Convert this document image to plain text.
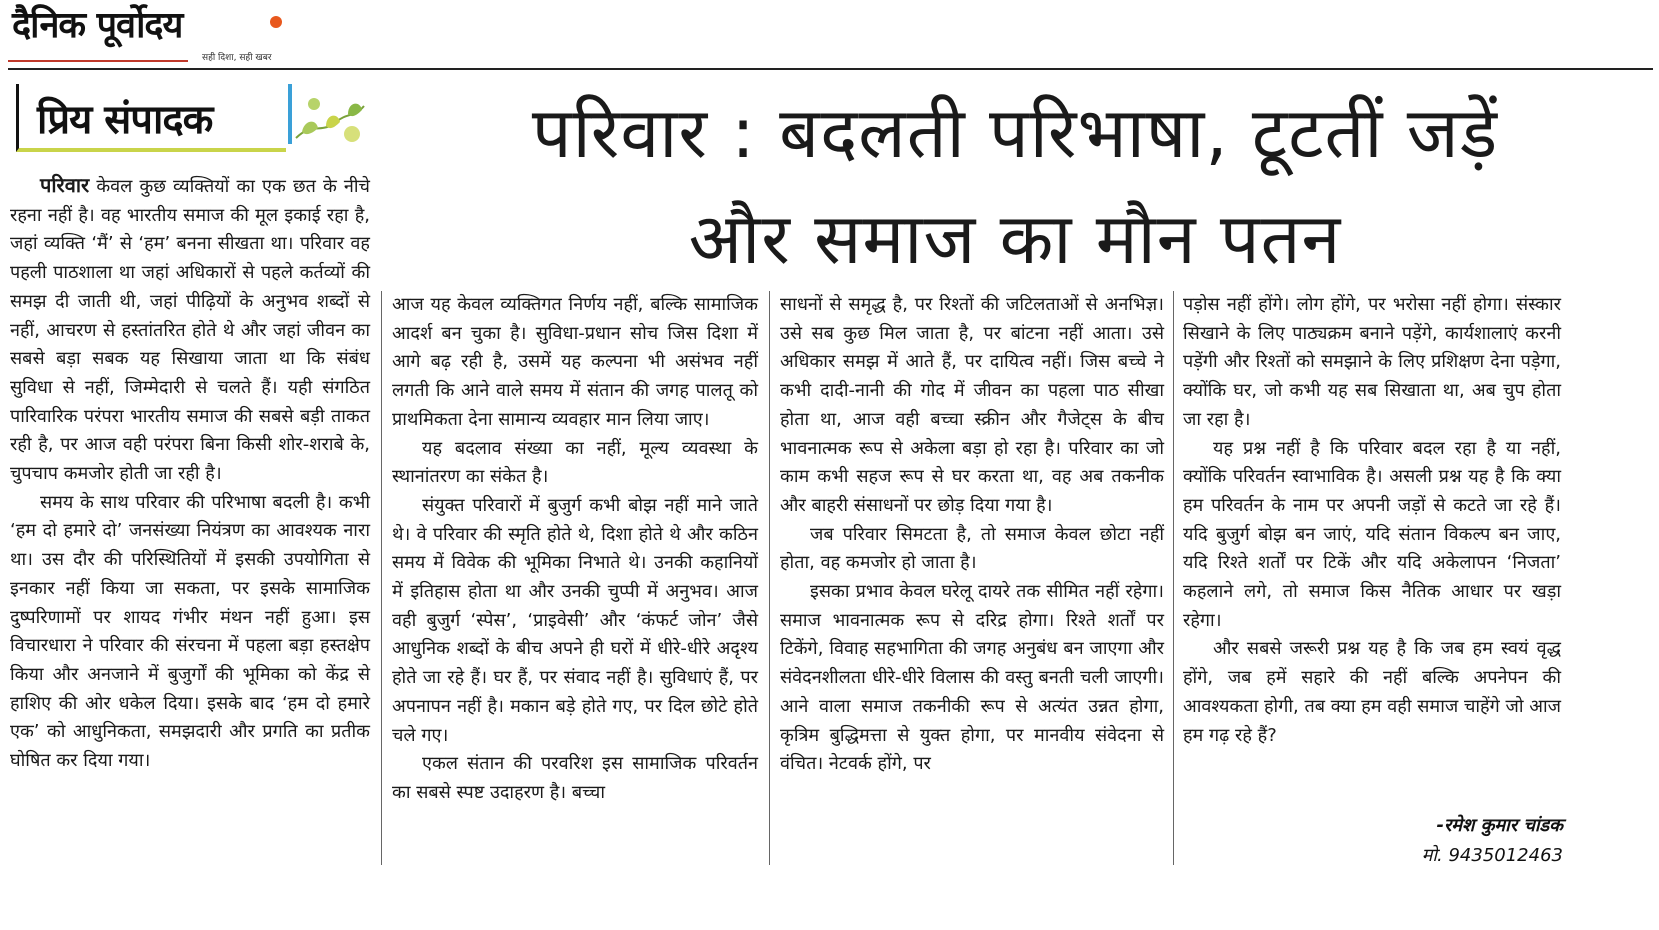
दैनिक पूर्वोदय
सही दिशा, सही खबर
प्रिय संपादक	परिवार : बदलती परिभाषा, टूटतीं जड़ें
और समाज का मौन पतन

परिवार केवल कुछ व्यक्तियों का एक छत के नीचे रहना नहीं है। वह भारतीय समाज की मूल इकाई रहा है, जहां व्यक्ति ‘मैं’ से ‘हम’ बनना सीखता था। परिवार वह पहली पाठशाला था जहां अधिकारों से पहले कर्तव्यों की समझ दी जाती थी, जहां पीढ़ियों के अनुभव शब्दों से नहीं, आचरण से हस्तांतरित होते थे और जहां जीवन का सबसे बड़ा सबक यह सिखाया जाता था कि संबंध सुविधा से नहीं, जिम्मेदारी से चलते हैं। यही संगठित पारिवारिक परंपरा भारतीय समाज की सबसे बड़ी ताकत रही है, पर आज वही परंपरा बिना किसी शोर-शराबे के, चुपचाप कमजोर होती जा रही है।

समय के साथ परिवार की परिभाषा बदली है। कभी ‘हम दो हमारे दो’ जनसंख्या नियंत्रण का आवश्यक नारा था। उस दौर की परिस्थितियों में इसकी उपयोगिता से इनकार नहीं किया जा सकता, पर इसके सामाजिक दुष्परिणामों पर शायद गंभीर मंथन नहीं हुआ। इस विचारधारा ने परिवार की संरचना में पहला बड़ा हस्तक्षेप किया और अनजाने में बुजुर्गों की भूमिका को केंद्र से हाशिए की ओर धकेल दिया। इसके बाद ‘हम दो हमारे एक’ को आधुनिकता, समझदारी और प्रगति का प्रतीक घोषित कर दिया गया।

आज यह केवल व्यक्तिगत निर्णय नहीं, बल्कि सामाजिक आदर्श बन चुका है। सुविधा-प्रधान सोच जिस दिशा में आगे बढ़ रही है, उसमें यह कल्पना भी असंभव नहीं लगती कि आने वाले समय में संतान की जगह पालतू को प्राथमिकता देना सामान्य व्यवहार मान लिया जाए।

यह बदलाव संख्या का नहीं, मूल्य व्यवस्था के स्थानांतरण का संकेत है।

संयुक्त परिवारों में बुजुर्ग कभी बोझ नहीं माने जाते थे। वे परिवार की स्मृति होते थे, दिशा होते थे और कठिन समय में विवेक की भूमिका निभाते थे। उनकी कहानियों में इतिहास होता था और उनकी चुप्पी में अनुभव। आज वही बुजुर्ग ‘स्पेस’, ‘प्राइवेसी’ और ‘कंफर्ट जोन’ जैसे आधुनिक शब्दों के बीच अपने ही घरों में धीरे-धीरे अदृश्य होते जा रहे हैं। घर हैं, पर संवाद नहीं है। सुविधाएं हैं, पर अपनापन नहीं है। मकान बड़े होते गए, पर दिल छोटे होते चले गए।

एकल संतान की परवरिश इस सामाजिक परिवर्तन का सबसे स्पष्ट उदाहरण है। बच्चा

साधनों से समृद्ध है, पर रिश्तों की जटिलताओं से अनभिज्ञ। उसे सब कुछ मिल जाता है, पर बांटना नहीं आता। उसे अधिकार समझ में आते हैं, पर दायित्व नहीं। जिस बच्चे ने कभी दादी-नानी की गोद में जीवन का पहला पाठ सीखा होता था, आज वही बच्चा स्क्रीन और गैजेट्स के बीच भावनात्मक रूप से अकेला बड़ा हो रहा है। परिवार का जो काम कभी सहज रूप से घर करता था, वह अब तकनीक और बाहरी संसाधनों पर छोड़ दिया गया है।

जब परिवार सिमटता है, तो समाज केवल छोटा नहीं होता, वह कमजोर हो जाता है।

इसका प्रभाव केवल घरेलू दायरे तक सीमित नहीं रहेगा। समाज भावनात्मक रूप से दरिद्र होगा। रिश्ते शर्तों पर टिकेंगे, विवाह सहभागिता की जगह अनुबंध बन जाएगा और संवेदनशीलता धीरे-धीरे विलास की वस्तु बनती चली जाएगी। आने वाला समाज तकनीकी रूप से अत्यंत उन्नत होगा, कृत्रिम बुद्धिमत्ता से युक्त होगा, पर मानवीय संवेदना से वंचित। नेटवर्क होंगे, पर

पड़ोस नहीं होंगे। लोग होंगे, पर भरोसा नहीं होगा। संस्कार सिखाने के लिए पाठ्यक्रम बनाने पड़ेंगे, कार्यशालाएं करनी पड़ेंगी और रिश्तों को समझाने के लिए प्रशिक्षण देना पड़ेगा, क्योंकि घर, जो कभी यह सब सिखाता था, अब चुप होता जा रहा है।

यह प्रश्न नहीं है कि परिवार बदल रहा है या नहीं, क्योंकि परिवर्तन स्वाभाविक है। असली प्रश्न यह है कि क्या हम परिवर्तन के नाम पर अपनी जड़ों से कटते जा रहे हैं। यदि बुजुर्ग बोझ बन जाएं, यदि संतान विकल्प बन जाए, यदि रिश्ते शर्तों पर टिकें और यदि अकेलापन ‘निजता’ कहलाने लगे, तो समाज किस नैतिक आधार पर खड़ा रहेगा।

और सबसे जरूरी प्रश्न यह है कि जब हम स्वयं वृद्ध होंगे, जब हमें सहारे की नहीं बल्कि अपनेपन की आवश्यकता होगी, तब क्या हम वही समाज चाहेंगे जो आज हम गढ़ रहे हैं?

-रमेश कुमार चांडक
मो. 9435012463
